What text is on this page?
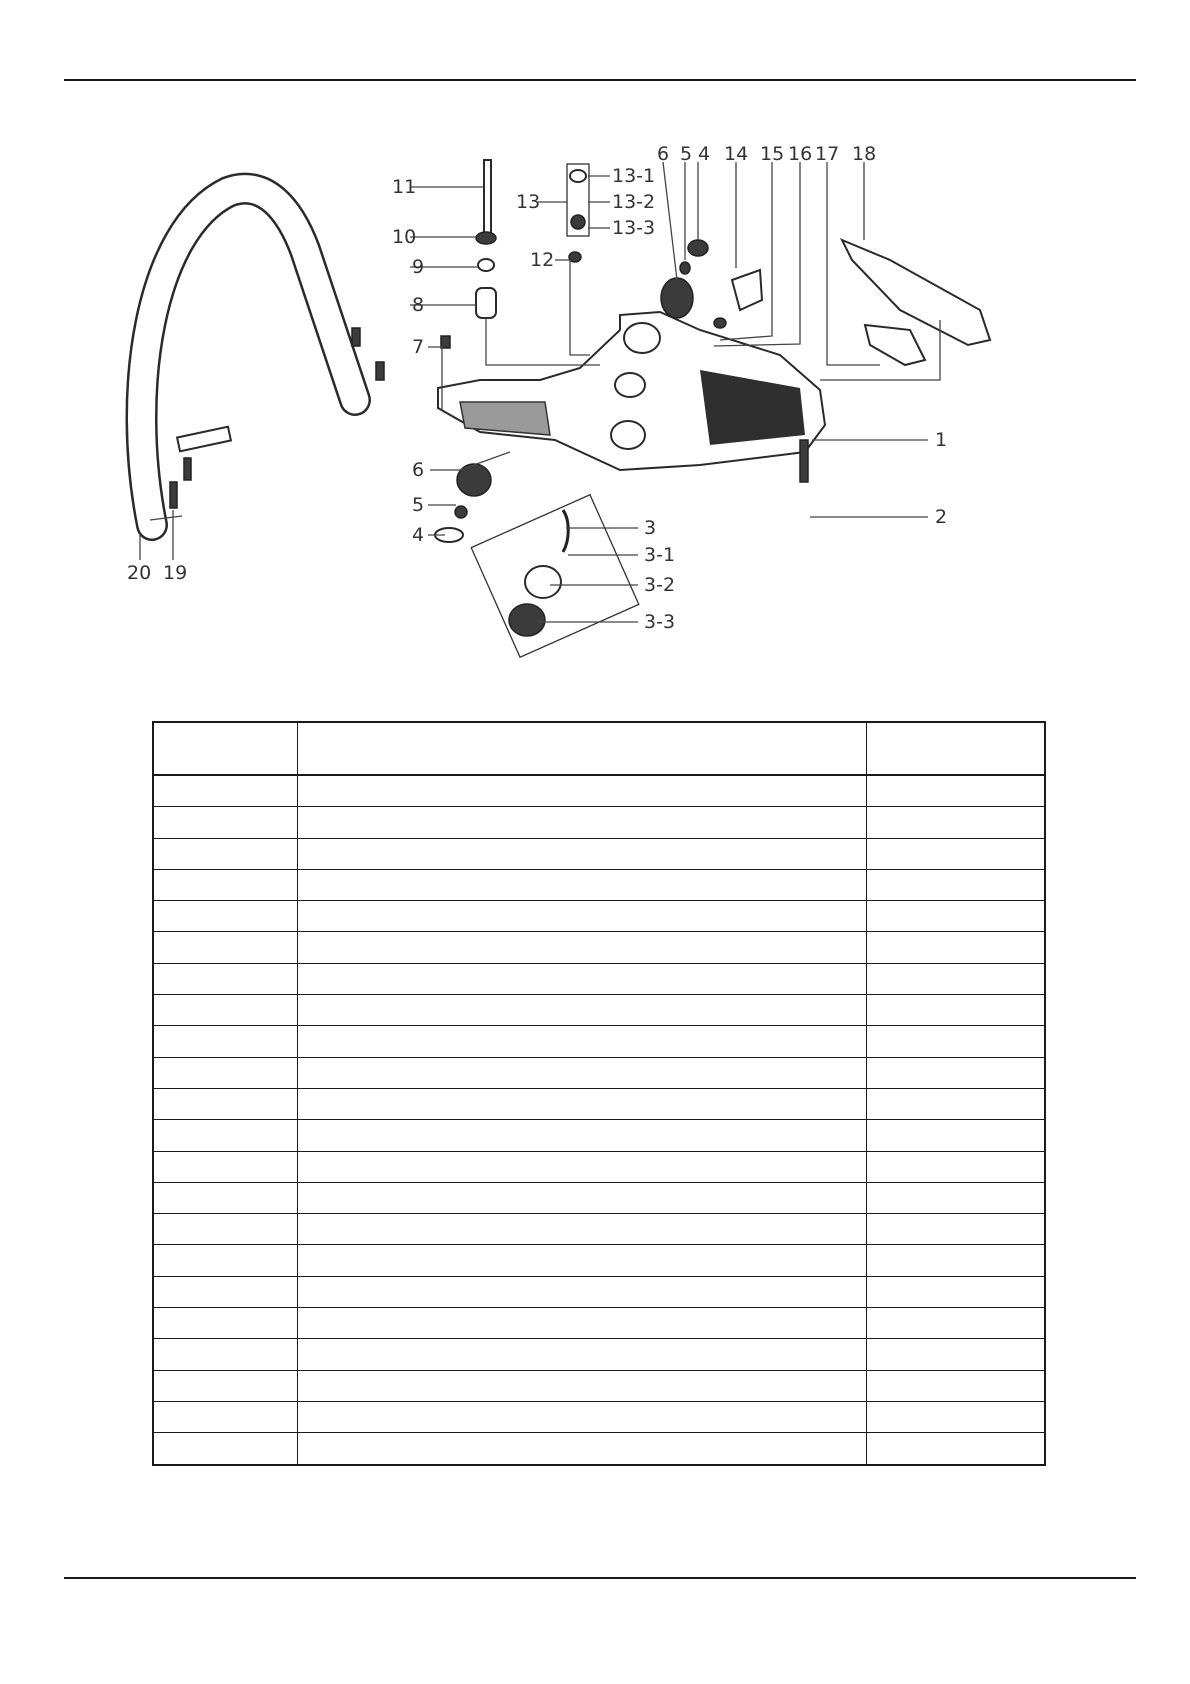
1
2
3
3-1
3-2
3-3
4
4
5
5
6
6
7
8
9
10
11
12
13
13-1
13-2
13-3
14 15 16 17 18
19
20
